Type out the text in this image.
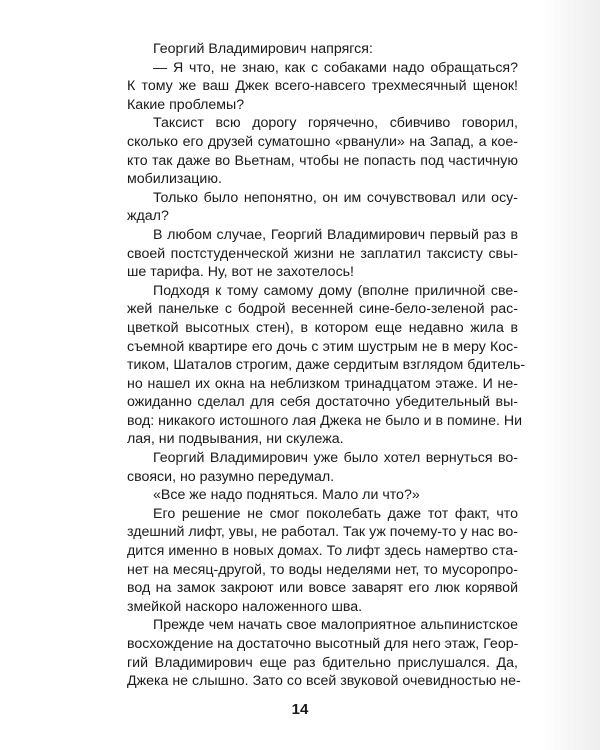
Георгий Владимирович напрягся:
— Я что, не знаю, как с собаками надо обращаться?
К тому же ваш Джек всего-навсего трехмесячный щенок!
Какие проблемы?
Таксист всю дорогу горячечно, сбивчиво говорил,
сколько его друзей суматошно «рванули» на Запад, а кое-
кто так даже во Вьетнам, чтобы не попасть под частичную
мобилизацию.
Только было непонятно, он им сочувствовал или осу-
ждал?
В любом случае, Георгий Владимирович первый раз в
своей постстуденческой жизни не заплатил таксисту свы-
ше тарифа. Ну, вот не захотелось!
Подходя к тому самому дому (вполне приличной све-
жей панельке с бодрой весенней сине-бело-зеленой рас-
цветкой высотных стен), в котором еще недавно жила в
съемной квартире его дочь с этим шустрым не в меру Кос-
тиком, Шаталов строгим, даже сердитым взглядом бдитель-
но нашел их окна на неблизком тринадцатом этаже. И не-
ожиданно сделал для себя достаточно убедительный вы-
вод: никакого истошного лая Джека не было и в помине. Ни
лая, ни подвывания, ни скулежа.
Георгий Владимирович уже было хотел вернуться во-
свояси, но разумно передумал.
«Все же надо подняться. Мало ли что?»
Его решение не смог поколебать даже тот факт, что
здешний лифт, увы, не работал. Так уж почему-то у нас во-
дится именно в новых домах. То лифт здесь намертво ста-
нет на месяц-другой, то воды неделями нет, то мусоропро-
вод на замок закроют или вовсе заварят его люк корявой
змейкой наскоро наложенного шва.
Прежде чем начать свое малоприятное альпинистское
восхождение на достаточно высотный для него этаж, Геор-
гий Владимирович еще раз бдительно прислушался. Да,
Джека не слышно. Зато со всей звуковой очевидностью не-
14
